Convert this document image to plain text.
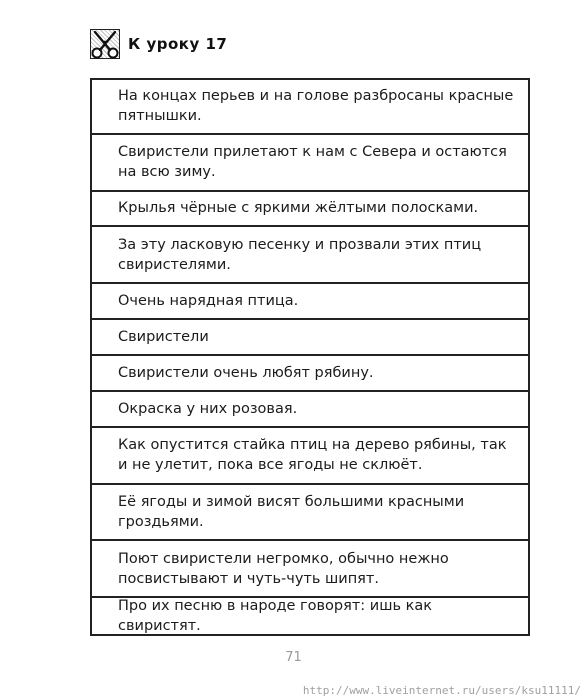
К уроку 17
На концах перьев и на голове разбросаны красные пятнышки.
Свиристели прилетают к нам с Севера и остаются на всю зиму.
Крылья чёрные с яркими жёлтыми полосками.
За эту ласковую песенку и прозвали этих птиц свиристелями.
Очень нарядная птица.
Свиристели
Свиристели очень любят рябину.
Окраска у них розовая.
Как опустится стайка птиц на дерево рябины, так и не улетит, пока все ягоды не склюёт.
Её ягоды и зимой висят большими красными гроздьями.
Поют свиристели негромко, обычно нежно посвистывают и чуть-чуть шипят.
Про их песню в народе говорят: ишь как свиристят.
71
http://www.liveinternet.ru/users/ksu11111/
